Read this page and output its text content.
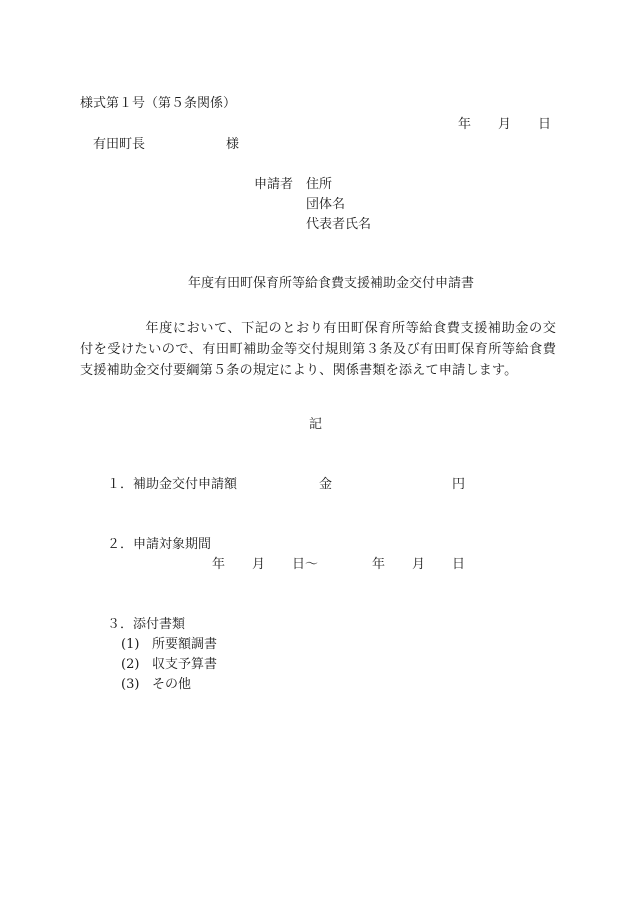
様式第１号（第５条関係）
年 月 日
有田町長	様
申請者 住所
団体名
代表者氏名
年度有田町保育所等給食費支援補助金交付申請書

年度において、下記のとおり有田町保育所等給食費支援補助金の交付を受けたいので、有田町補助金等交付規則第３条及び有田町保育所等給食費支援補助金交付要綱第５条の規定により、関係書類を添えて申請します。

記
１．補助金交付申請額	金	円
２．申請対象期間
年 月 日～	年 月 日
３．添付書類
(1) 所要額調書
(2) 収支予算書
(3) その他
